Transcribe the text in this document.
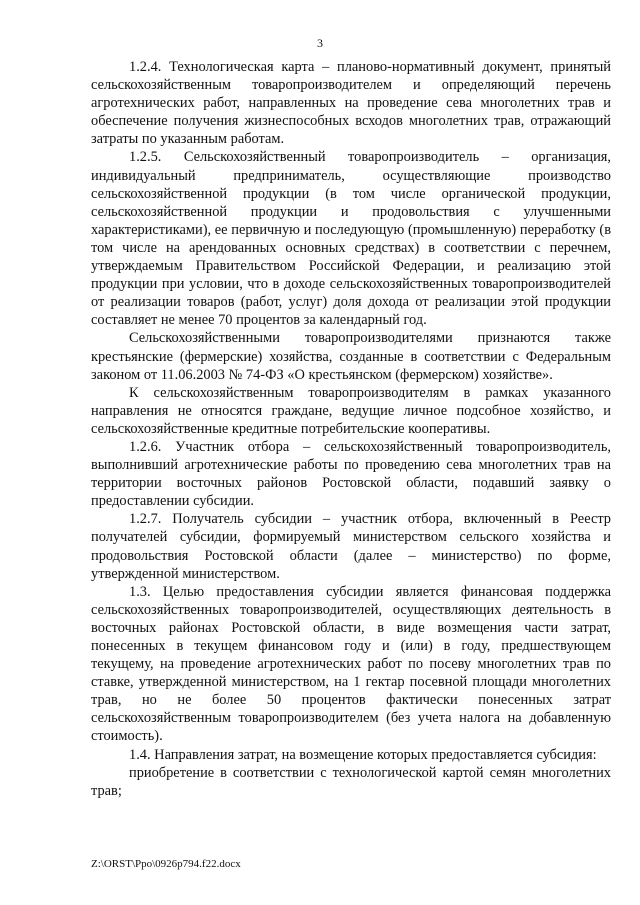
3

1.2.4. Технологическая карта – планово-нормативный документ, принятый сельскохозяйственным товаропроизводителем и определяющий перечень агротехнических работ, направленных на проведение сева многолетних трав и обеспечение получения жизнеспособных всходов многолетних трав, отражающий затраты по указанным работам.

1.2.5. Сельскохозяйственный товаропроизводитель – организация, индивидуальный предприниматель, осуществляющие производство сельскохозяйственной продукции (в том числе органической продукции, сельскохозяйственной продукции и продовольствия с улучшенными характеристиками), ее первичную и последующую (промышленную) переработку (в том числе на арендованных основных средствах) в соответствии с перечнем, утверждаемым Правительством Российской Федерации, и реализацию этой продукции при условии, что в доходе сельскохозяйственных товаропроизводителей от реализации товаров (работ, услуг) доля дохода от реализации этой продукции составляет не менее 70 процентов за календарный год.

Сельскохозяйственными товаропроизводителями признаются также крестьянские (фермерские) хозяйства, созданные в соответствии с Федеральным законом от 11.06.2003 № 74-ФЗ «О крестьянском (фермерском) хозяйстве».

К сельскохозяйственным товаропроизводителям в рамках указанного направления не относятся граждане, ведущие личное подсобное хозяйство, и сельскохозяйственные кредитные потребительские кооперативы.

1.2.6. Участник отбора – сельскохозяйственный товаропроизводитель, выполнивший агротехнические работы по проведению сева многолетних трав на территории восточных районов Ростовской области, подавший заявку о предоставлении субсидии.

1.2.7. Получатель субсидии – участник отбора, включенный в Реестр получателей субсидии, формируемый министерством сельского хозяйства и продовольствия Ростовской области (далее – министерство) по форме, утвержденной министерством.

1.3. Целью предоставления субсидии является финансовая поддержка сельскохозяйственных товаропроизводителей, осуществляющих деятельность в восточных районах Ростовской области, в виде возмещения части затрат, понесенных в текущем финансовом году и (или) в году, предшествующем текущему, на проведение агротехнических работ по посеву многолетних трав по ставке, утвержденной министерством, на 1 гектар посевной площади многолетних трав, но не более 50 процентов фактически понесенных затрат сельскохозяйственным товаропроизводителем (без учета налога на добавленную стоимость).

1.4. Направления затрат, на возмещение которых предоставляется субсидия:

приобретение в соответствии с технологической картой семян многолетних трав;

Z:\ORST\Ppo\0926p794.f22.docx
